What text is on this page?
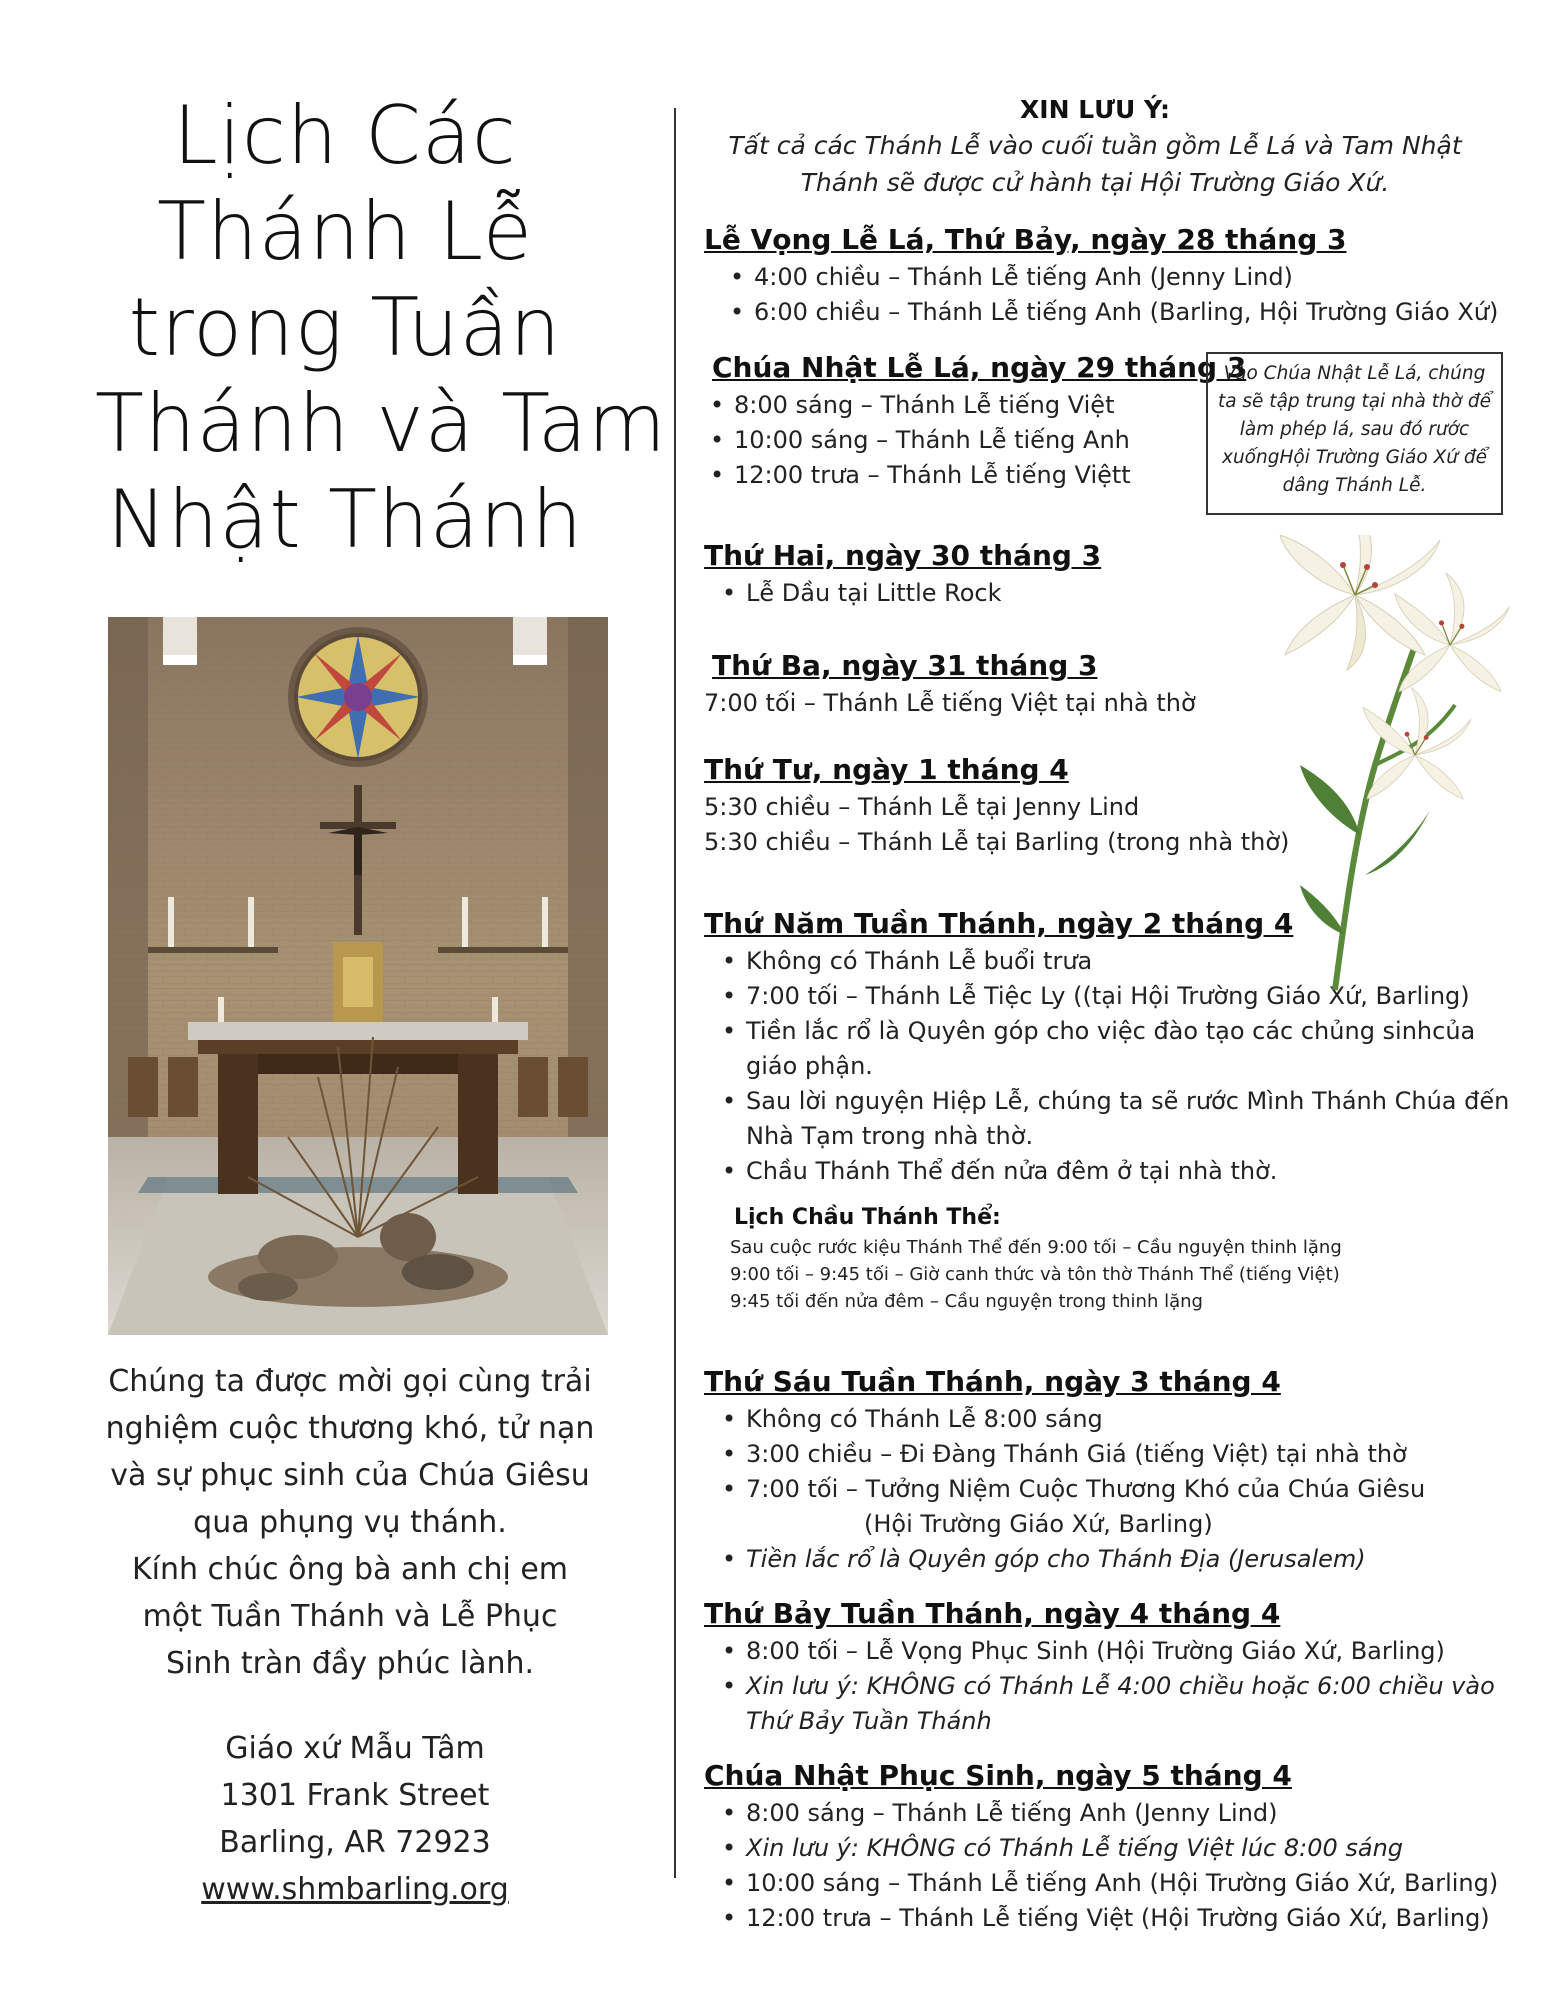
Lịch Các
Thánh Lễ
trong Tuần
Thánh và Tam
Nhật Thánh
Chúng ta được mời gọi cùng trải
nghiệm cuộc thương khó, tử nạn
và sự phục sinh của Chúa Giêsu
qua phụng vụ thánh.
Kính chúc ông bà anh chị em
một Tuần Thánh và Lễ Phục
Sinh tràn đầy phúc lành.
Giáo xứ Mẫu Tâm
1301 Frank Street
Barling, AR 72923
www.shmbarling.org
XIN LƯU Ý:
Tất cả các Thánh Lễ vào cuối tuần gồm Lễ Lá và Tam Nhật
Thánh sẽ được cử hành tại Hội Trường Giáo Xứ.
Lễ Vọng Lễ Lá, Thứ Bảy, ngày 28 tháng 3
• 4:00 chiều – Thánh Lễ tiếng Anh (Jenny Lind)
• 6:00 chiều – Thánh Lễ tiếng Anh (Barling, Hội Trường Giáo Xứ)
Chúa Nhật Lễ Lá, ngày 29 tháng 3
• 8:00 sáng – Thánh Lễ tiếng Việt
• 10:00 sáng – Thánh Lễ tiếng Anh
• 12:00 trưa – Thánh Lễ tiếng Việtt
Vào Chúa Nhật Lễ Lá, chúng
ta sẽ tập trung tại nhà thờ để
làm phép lá, sau đó rước
xuốngHội Trường Giáo Xứ để
dâng Thánh Lễ.
Thứ Hai, ngày 30 tháng 3
• Lễ Dầu tại Little Rock
Thứ Ba, ngày 31 tháng 3
7:00 tối – Thánh Lễ tiếng Việt tại nhà thờ
Thứ Tư, ngày 1 tháng 4
5:30 chiều – Thánh Lễ tại Jenny Lind
5:30 chiều – Thánh Lễ tại Barling (trong nhà thờ)
Thứ Năm Tuần Thánh, ngày 2 tháng 4
• Không có Thánh Lễ buổi trưa
• 7:00 tối – Thánh Lễ Tiệc Ly ((tại Hội Trường Giáo Xứ, Barling)
• Tiền lắc rổ là Quyên góp cho việc đào tạo các chủng sinhcủa
giáo phận.
• Sau lời nguyện Hiệp Lễ, chúng ta sẽ rước Mình Thánh Chúa đến
Nhà Tạm trong nhà thờ.
• Chầu Thánh Thể đến nửa đêm ở tại nhà thờ.
Lịch Chầu Thánh Thể:
Sau cuộc rước kiệu Thánh Thể đến 9:00 tối – Cầu nguyện thinh lặng
9:00 tối – 9:45 tối – Giờ canh thức và tôn thờ Thánh Thể (tiếng Việt)
9:45 tối đến nửa đêm – Cầu nguyện trong thinh lặng
Thứ Sáu Tuần Thánh, ngày 3 tháng 4
• Không có Thánh Lễ 8:00 sáng
• 3:00 chiều – Đi Đàng Thánh Giá (tiếng Việt) tại nhà thờ
• 7:00 tối – Tưởng Niệm Cuộc Thương Khó của Chúa Giêsu
(Hội Trường Giáo Xứ, Barling)
• Tiền lắc rổ là Quyên góp cho Thánh Địa (Jerusalem)
Thứ Bảy Tuần Thánh, ngày 4 tháng 4
• 8:00 tối – Lễ Vọng Phục Sinh (Hội Trường Giáo Xứ, Barling)
• Xin lưu ý: KHÔNG có Thánh Lễ 4:00 chiều hoặc 6:00 chiều vào
Thứ Bảy Tuần Thánh
Chúa Nhật Phục Sinh, ngày 5 tháng 4
• 8:00 sáng – Thánh Lễ tiếng Anh (Jenny Lind)
• Xin lưu ý: KHÔNG có Thánh Lễ tiếng Việt lúc 8:00 sáng
• 10:00 sáng – Thánh Lễ tiếng Anh (Hội Trường Giáo Xứ, Barling)
• 12:00 trưa – Thánh Lễ tiếng Việt (Hội Trường Giáo Xứ, Barling)
